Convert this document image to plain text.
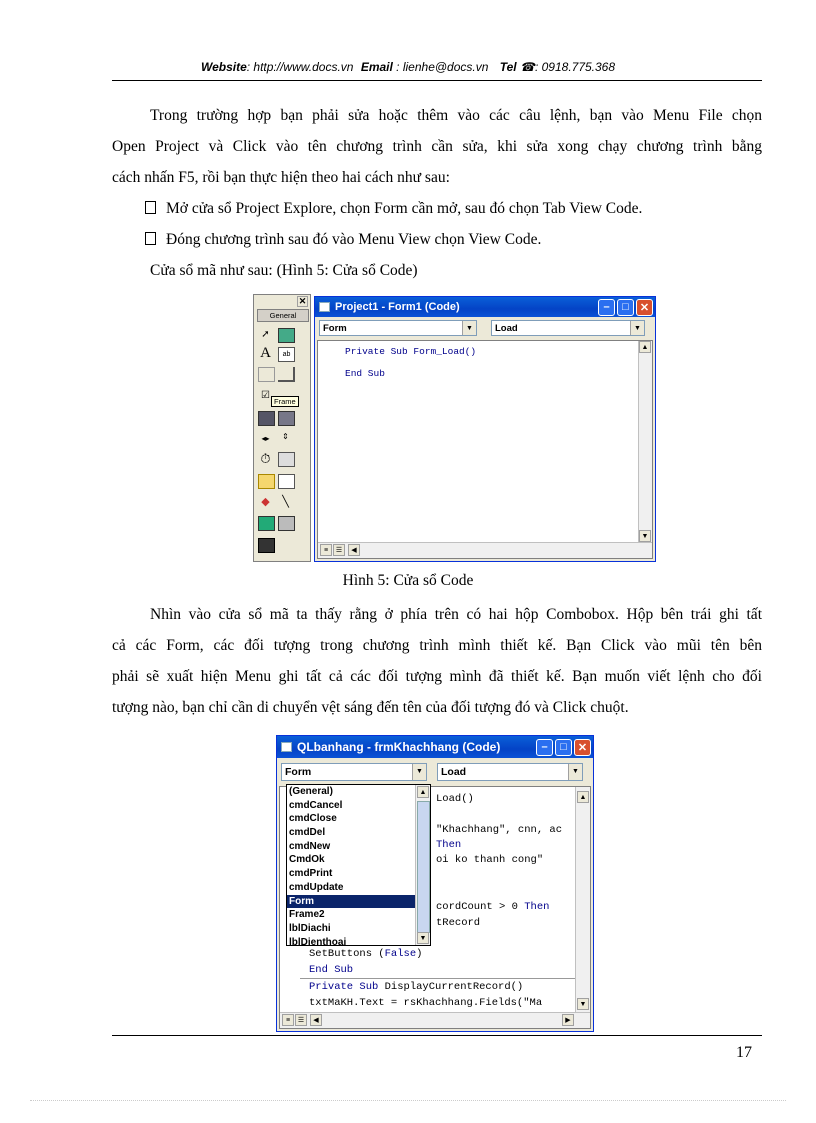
Website: http://www.docs.vn Email : lienhe@docs.vn Tel ☎: 0918.775.368
Trong trường hợp bạn phải sửa hoặc thêm vào các câu lệnh, bạn vào Menu File chọn
Open Project và Click vào tên chương trình cần sửa, khi sửa xong chạy chương trình bằng
cách nhấn F5, rồi bạn thực hiện theo hai cách như sau:
Mở cửa sổ Project Explore, chọn Form cần mở, sau đó chọn Tab View Code.
Đóng chương trình sau đó vào Menu View chọn View Code.
Cửa sổ mã như sau: (Hình 5: Cửa sổ Code)
✕
General
➚
A	ab
☑
Frame
◂▸	⇕
⏱
◆	╲
Project1 - Form1 (Code)	–	□	✕
Form	▼	Load	▼
Private Sub Form_Load()
End Sub
▲
▼
≡	☰	◀
Hình 5: Cửa sổ Code
Nhìn vào cửa sổ mã ta thấy rằng ở phía trên có hai hộp Combobox. Hộp bên trái ghi tất
cả các Form, các đối tượng trong chương trình mình thiết kế. Bạn Click vào mũi tên bên
phải sẽ xuất hiện Menu ghi tất cả các đối tượng mình đã thiết kế. Bạn muốn viết lệnh cho đối
tượng nào, bạn chỉ cần di chuyển vệt sáng đến tên của đối tượng đó và Click chuột.
QLbanhang - frmKhachhang (Code)	–	□	✕
Form	▼ Load	▼
Load()
"Khachhang", cnn, ac
Then
oi ko thanh cong"
cordCount > 0 Then
tRecord
SetButtons (False)
End Sub
Private Sub DisplayCurrentRecord()
txtMaKH.Text = rsKhachhang.Fields("Ma
▲
▼
≡	☰	◀	▶
(General)
cmdCancel
cmdClose
cmdDel
cmdNew
CmdOk
cmdPrint
cmdUpdate
Form
Frame2
lblDiachi
lblDienthoai
▲
▼
17
